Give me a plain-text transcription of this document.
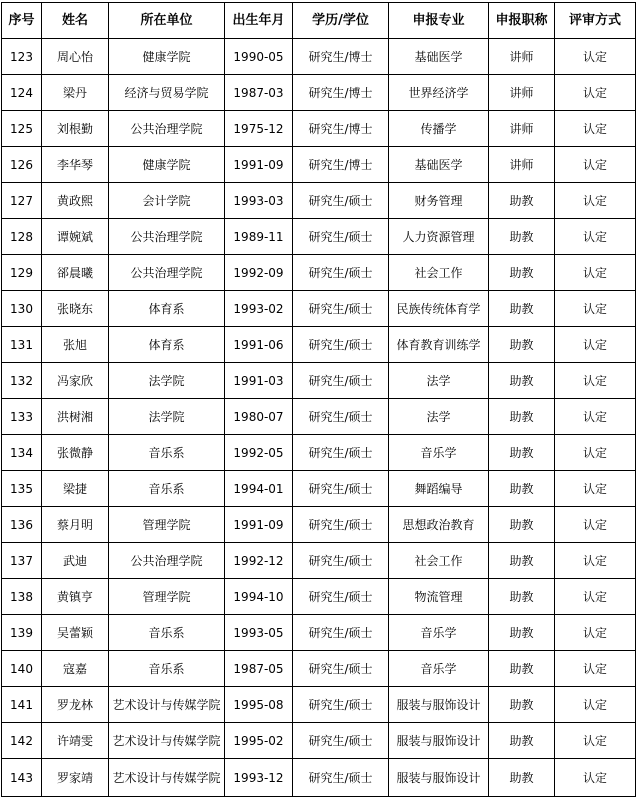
序号	姓名	所在单位	出生年月	学历/学位	申报专业	申报职称	评审方式
123	周心怡	健康学院	1990-05	研究生/博士	基础医学	讲师	认定
124	梁丹	经济与贸易学院	1987-03	研究生/博士	世界经济学	讲师	认定
125	刘根勤	公共治理学院	1975-12	研究生/博士	传播学	讲师	认定
126	李华琴	健康学院	1991-09	研究生/博士	基础医学	讲师	认定
127	黄政熙	会计学院	1993-03	研究生/硕士	财务管理	助教	认定
128	谭婉斌	公共治理学院	1989-11	研究生/硕士	人力资源管理	助教	认定
129	郤晨曦	公共治理学院	1992-09	研究生/硕士	社会工作	助教	认定
130	张晓东	体育系	1993-02	研究生/硕士	民族传统体育学	助教	认定
131	张旭	体育系	1991-06	研究生/硕士	体育教育训练学	助教	认定
132	冯家欣	法学院	1991-03	研究生/硕士	法学	助教	认定
133	洪树湘	法学院	1980-07	研究生/硕士	法学	助教	认定
134	张微静	音乐系	1992-05	研究生/硕士	音乐学	助教	认定
135	梁捷	音乐系	1994-01	研究生/硕士	舞蹈编导	助教	认定
136	蔡月明	管理学院	1991-09	研究生/硕士	思想政治教育	助教	认定
137	武迪	公共治理学院	1992-12	研究生/硕士	社会工作	助教	认定
138	黄镇亨	管理学院	1994-10	研究生/硕士	物流管理	助教	认定
139	吴蕾颖	音乐系	1993-05	研究生/硕士	音乐学	助教	认定
140	寇嘉	音乐系	1987-05	研究生/硕士	音乐学	助教	认定
141	罗龙林	艺术设计与传媒学院	1995-08	研究生/硕士	服装与服饰设计	助教	认定
142	许靖雯	艺术设计与传媒学院	1995-02	研究生/硕士	服装与服饰设计	助教	认定
143	罗家靖	艺术设计与传媒学院	1993-12	研究生/硕士	服装与服饰设计	助教	认定
